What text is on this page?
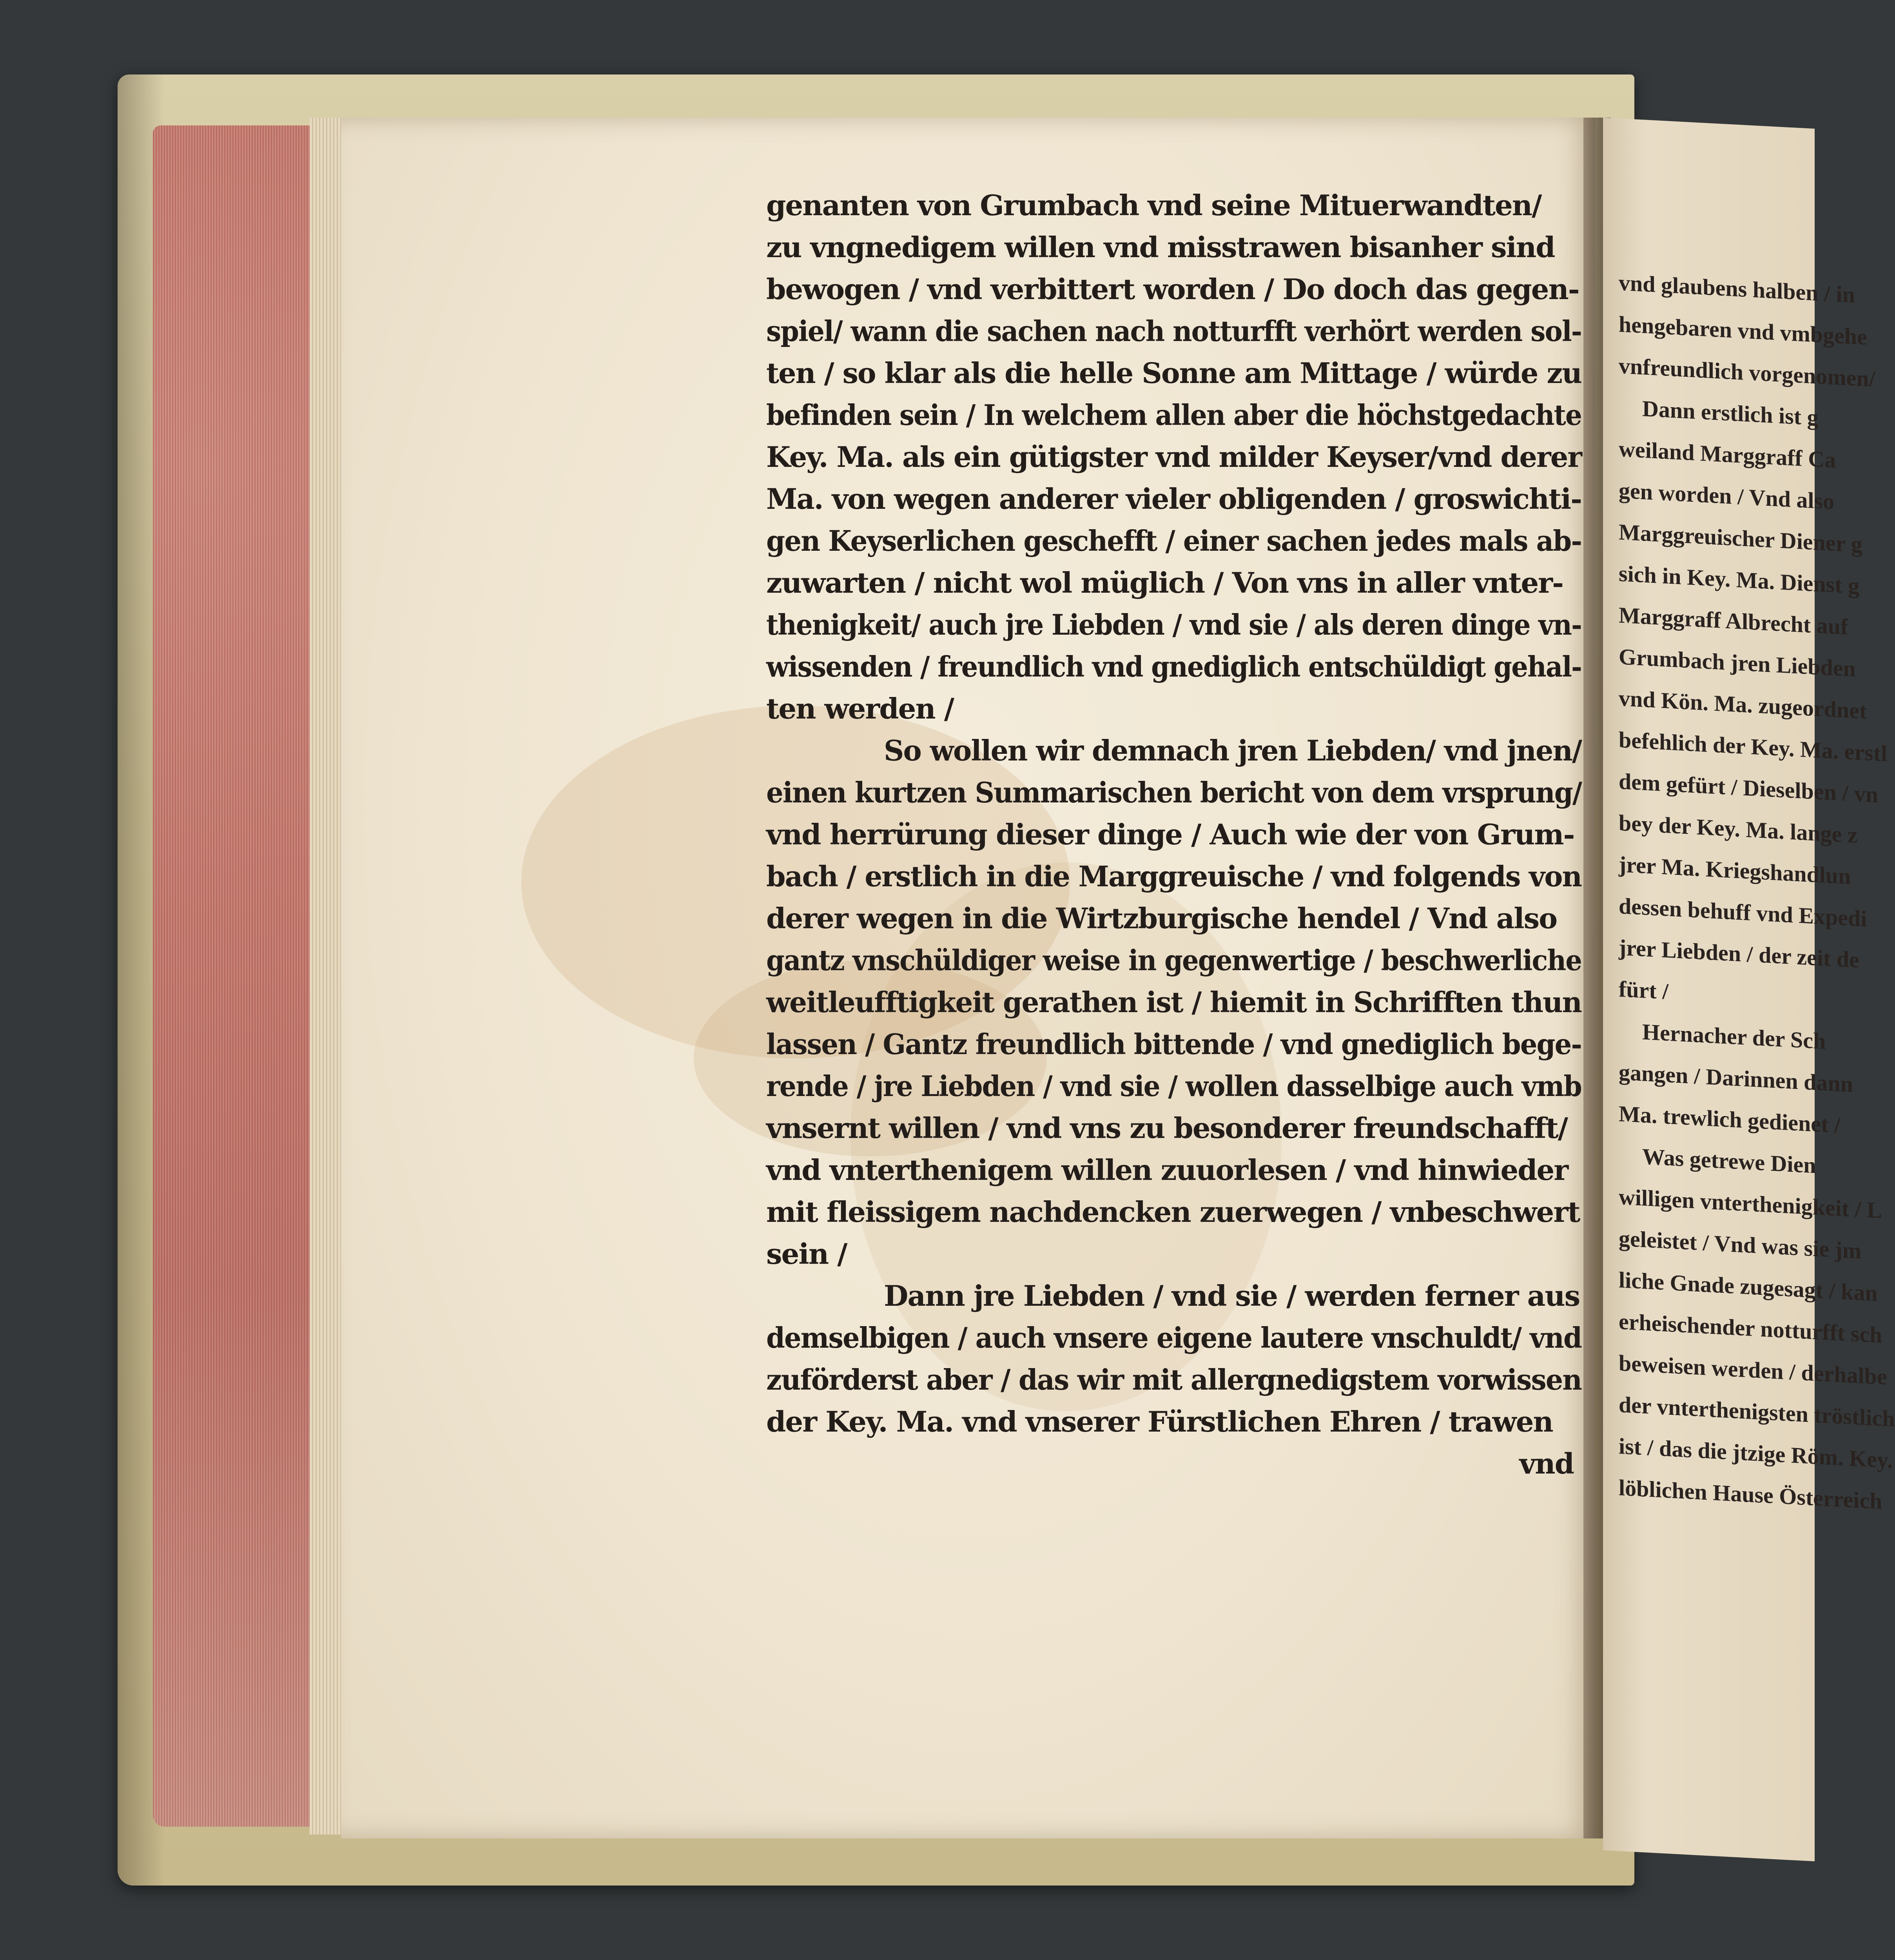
vnd glaubens halben / in
hengebaren vnd vmbgehe
vnfreundlich vorgenomen/
Dann erstlich ist g
weiland Marggraff Ca
gen worden / Vnd also
Marggreuischer Diener g
sich in Key. Ma. Dienst g
Marggraff Albrecht auf
Grumbach jren Liebden
vnd Kön. Ma. zugeordnet
befehlich der Key. Ma. erstl
dem gefürt / Dieselben / vn
bey der Key. Ma. lange z
jrer Ma. Kriegshandlun
dessen behuff vnd Expedi
jrer Liebden / der zeit de
fürt /
Hernacher der Sch
gangen / Darinnen dann
Ma. trewlich gedienet /
Was getrewe Dien
willigen vnterthenigkeit / L
geleistet / Vnd was sie jm
liche Gnade zugesagt / kan
erheischender notturfft sch
beweisen werden / derhalbe
der vnterthenigsten tröstlich
ist / das die jtzige Röm. Key.
löblichen Hause Österreich
genanten von Grumbach vnd seine Mituerwandten/
zu vngnedigem willen vnd misstrawen bisanher sind
bewogen / vnd verbittert worden / Do doch das gegen-
spiel/ wann die sachen nach notturfft verhört werden sol-
ten / so klar als die helle Sonne am Mittage / würde zu
befinden sein / In welchem allen aber die höchstgedachte
Key. Ma. als ein gütigster vnd milder Keyser/vnd derer
Ma. von wegen anderer vieler obligenden / groswichti-
gen Keyserlichen geschefft / einer sachen jedes mals ab-
zuwarten / nicht wol müglich / Von vns in aller vnter-
thenigkeit/ auch jre Liebden / vnd sie / als deren dinge vn-
wissenden / freundlich vnd gnediglich entschüldigt gehal-
ten werden /
So wollen wir demnach jren Liebden/ vnd jnen/
einen kurtzen Summarischen bericht von dem vrsprung/
vnd herrürung dieser dinge / Auch wie der von Grum-
bach / erstlich in die Marggreuische / vnd folgends von
derer wegen in die Wirtzburgische hendel / Vnd also
gantz vnschüldiger weise in gegenwertige / beschwerliche
weitleufftigkeit gerathen ist / hiemit in Schrifften thun
lassen / Gantz freundlich bittende / vnd gnediglich bege-
rende / jre Liebden / vnd sie / wollen dasselbige auch vmb
vnsernt willen / vnd vns zu besonderer freundschafft/
vnd vnterthenigem willen zuuorlesen / vnd hinwieder
mit fleissigem nachdencken zuerwegen / vnbeschwert
sein /
Dann jre Liebden / vnd sie / werden ferner aus
demselbigen / auch vnsere eigene lautere vnschuldt/ vnd
zuförderst aber / das wir mit allergnedigstem vorwissen
der Key. Ma. vnd vnserer Fürstlichen Ehren / trawen
vnd
